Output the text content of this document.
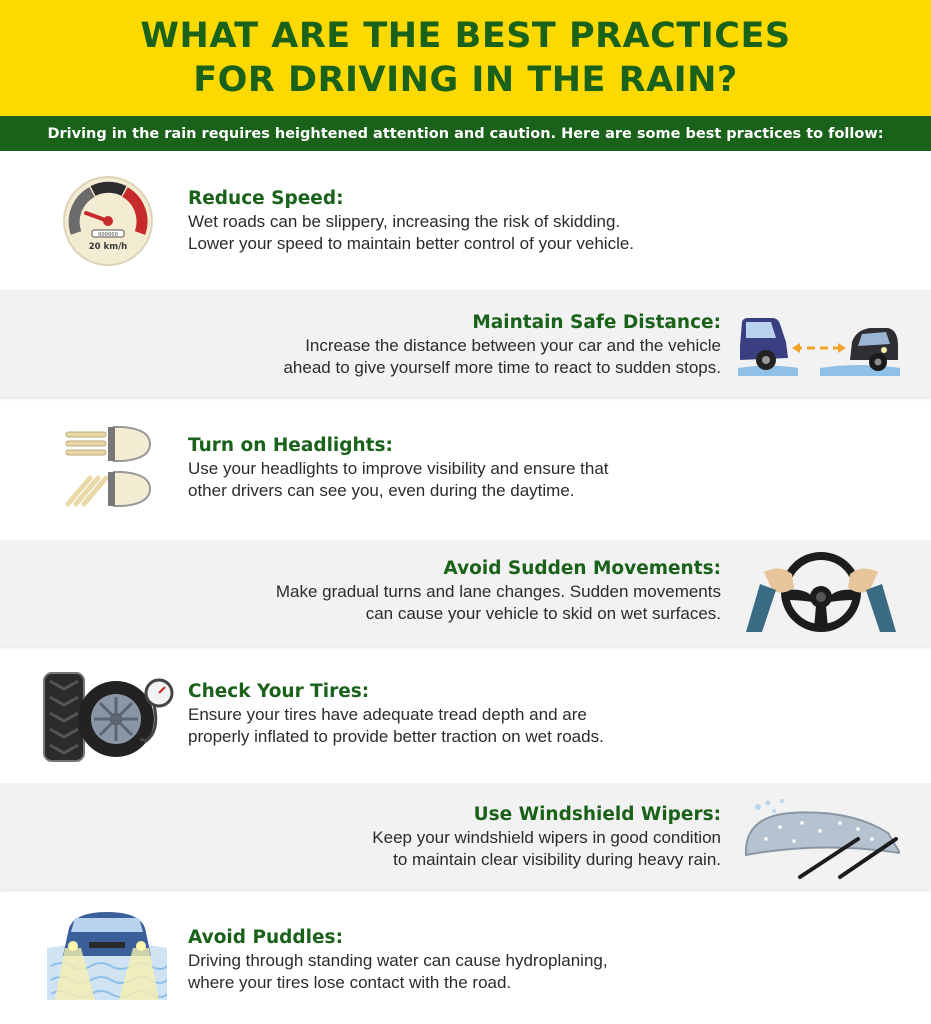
WHAT ARE THE BEST PRACTICES
FOR DRIVING IN THE RAIN?
Driving in the rain requires heightened attention and caution. Here are some best practices to follow:
000000
20 km/h
Reduce Speed:
Wet roads can be slippery, increasing the risk of skidding.
Lower your speed to maintain better control of your vehicle.
Maintain Safe Distance:
Increase the distance between your car and the vehicle
ahead to give yourself more time to react to sudden stops.
Turn on Headlights:
Use your headlights to improve visibility and ensure that
other drivers can see you, even during the daytime.
Avoid Sudden Movements:
Make gradual turns and lane changes. Sudden movements
can cause your vehicle to skid on wet surfaces.
Check Your Tires:
Ensure your tires have adequate tread depth and are
properly inflated to provide better traction on wet roads.
Use Windshield Wipers:
Keep your windshield wipers in good condition
to maintain clear visibility during heavy rain.
Avoid Puddles:
Driving through standing water can cause hydroplaning,
where your tires lose contact with the road.
